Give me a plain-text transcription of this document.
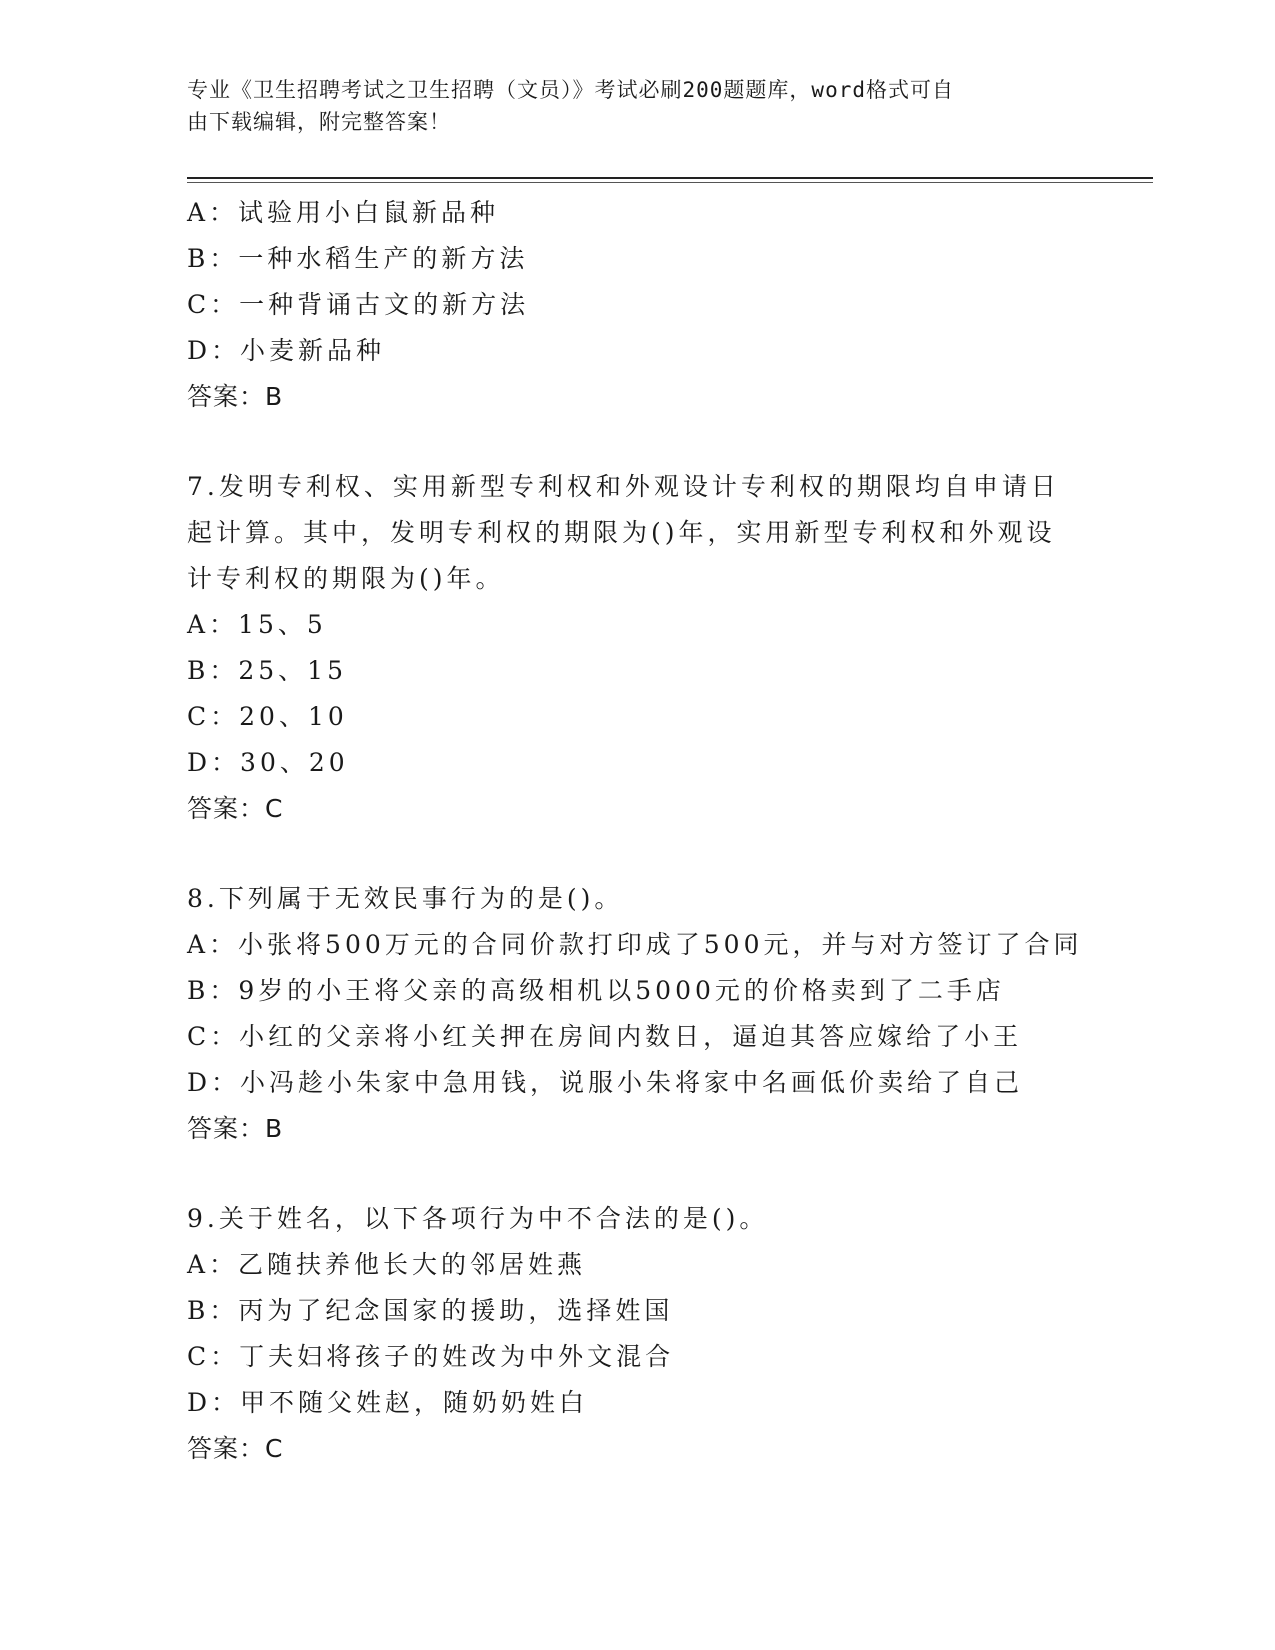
专业《卫生招聘考试之卫生招聘（文员）》考试必刷200题题库，word格式可自
由下载编辑，附完整答案！
A：试验用小白鼠新品种
B：一种水稻生产的新方法
C：一种背诵古文的新方法
D：小麦新品种
答案：B
7.发明专利权、实用新型专利权和外观设计专利权的期限均自申请日
起计算。其中，发明专利权的期限为()年，实用新型专利权和外观设
计专利权的期限为()年。
A：15、5
B：25、15
C：20、10
D：30、20
答案：C
8.下列属于无效民事行为的是()。
A：小张将500万元的合同价款打印成了500元，并与对方签订了合同
B：9岁的小王将父亲的高级相机以5000元的价格卖到了二手店
C：小红的父亲将小红关押在房间内数日，逼迫其答应嫁给了小王
D：小冯趁小朱家中急用钱，说服小朱将家中名画低价卖给了自己
答案：B
9.关于姓名，以下各项行为中不合法的是()。
A：乙随扶养他长大的邻居姓燕
B：丙为了纪念国家的援助，选择姓国
C：丁夫妇将孩子的姓改为中外文混合
D：甲不随父姓赵，随奶奶姓白
答案：C
